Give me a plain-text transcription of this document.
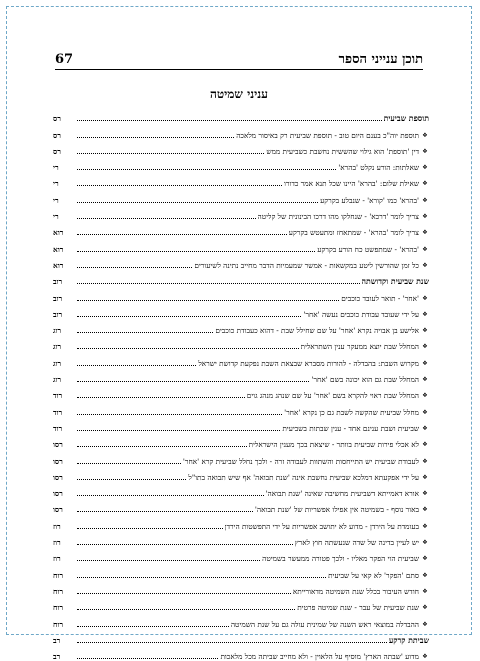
תוכן ענייני הספר
67
עניני שמיטה
תוספת שביעית
רס
❖
תוספת יוה"כ בענם היום טוב - תוספת שביעית רק באיסור מלאכה
רס
❖
דין 'תוספת' הוא גילוי שהששית נחשבת כשביעית ממש
רס
❖
שאלתות: הורע נקלט 'בהרא'
רי
❖
שאילת שלום: 'בהרא' היינו שכל תנא אמר כדורו
רי
❖
'בהרא' כמו 'קורא' - שנבלע בקרקע
רי
❖
צריך לומר 'דרכא' - שנחלקו מהו דרכו הבינונית של קליטה
רי
❖
צריך לומר 'בהרא' - שמתאחז ומתעטש בקרקע
רוא
❖
'בהרא' - שמתפשט כח הורע בקרקע
רוא
❖
כל זמן שהורשין ליטע במקשאות - אמשר שמעמיות הדבר מחייב נתינה לשיעורים
רוא
שנת שביעית וקדושתה
רוב
❖
'אחר' - תואר לעובד כוכבים
רוב
❖
על ידי שעובד עבודת כוכבים נעשה 'אחר'
רוב
❖
אלישע בן אבויה נקרא 'אחר' על שם שחילל שבת - דהוא כעבודת כוכבים
רוג
❖
המחלל שבת יוצא ממעקר ענין השתראלית
רוג
❖
מקרוש השבת: בהבדלה - להורות מסברא שבצאת השבת נפקעת קדושת ישראל
רוג
❖
המחלל שבת גם הוא יכונה בשם 'אחר'
רוג
❖
המחלל שבת ראוי להקרא בשם 'אחר' על שם שנהג מנהג גוים
רוד
❖
מחלל שביעית שהקשה לשבת גם כן נקרא 'אחר'
רוד
❖
שביעית ושבת ענינם אחד - ענין שבתות בשביעית
רוד
❖
לא אכלי פירות שביעית בוותר - שיצאת בכך מענין הישראלית
רסו
❖
לעבודת שביעית יש התייחסות והשתוות לעבודה זרה - ולכך נחלל שביעית קרא 'אחר'
רסו
❖
על ידי אפקעתא דמלכא שביעית נחשבת אינה 'שנת תבואה' אף שיש תבואה בתו"ל
רסו
❖
אורא דאמייתא דשביעית מחשיבה שאינה 'שנת תבואה'
רסו
❖
באור נוסף - בשמיטה אין אפילו אפשריות של 'שנת תבואה'
רסו
❖
בעומדת על הירדן - מדוע לא יתושב אפשריות על ידי התפשטות הירדן
רוז
❖
יש לעיין בדינה של שדה שנעשתה חוץ לארץ
רוז
❖
שביעית הוי הפקר מאליו - ולכך פטורה ממעשר בשמיטה
רוז
❖
סתם 'הפקר' לא קאי על שביעית
רוח
❖
חודש העיבור בכלל שנת השמיטה מדאורייתא
רוח
❖
שנת שביעית של עבר - שנת שמיטה פרטית
רוח
❖
ההבדלה במוצאי ראש השנה של שמינית עולה גם על שנת השמיטה
רוח
שביתת קרקע
רב
❖
מדוע 'שבתה הארץ' מוסיף על הלאוין - ולא מחייב שביתה מכל מלאכות
רב
